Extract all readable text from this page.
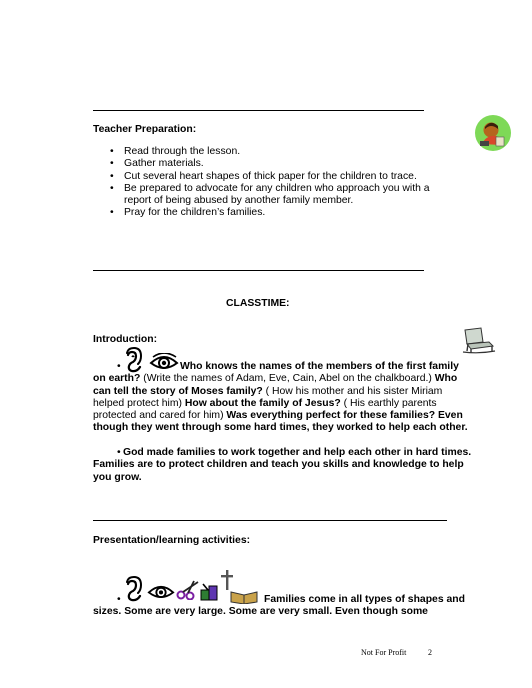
Teacher Preparation:
• Read through the lesson.
• Gather materials.
• Cut several heart shapes of thick paper for the children to trace.
• Be prepared to advocate for any children who approach you with a report of being abused by another family member.
• Pray for the children’s families.
CLASSTIME:
Introduction:
•	Who knows the names of the members of the first family on earth? (Write the names of Adam, Eve, Cain, Abel on the chalkboard.) Who can tell the story of Moses family? ( How his mother and his sister Miriam helped protect him) How about the family of Jesus? ( His earthly parents protected and cared for him) Was everything perfect for these families? Even though they went through some hard times, they worked to help each other.
• God made families to work together and help each other in hard times. Families are to protect children and teach you skills and knowledge to help you grow.
Presentation/learning activities:
•	Families come in all types of shapes and sizes. Some are very large. Some are very small. Even though some
Not For Profit	2
